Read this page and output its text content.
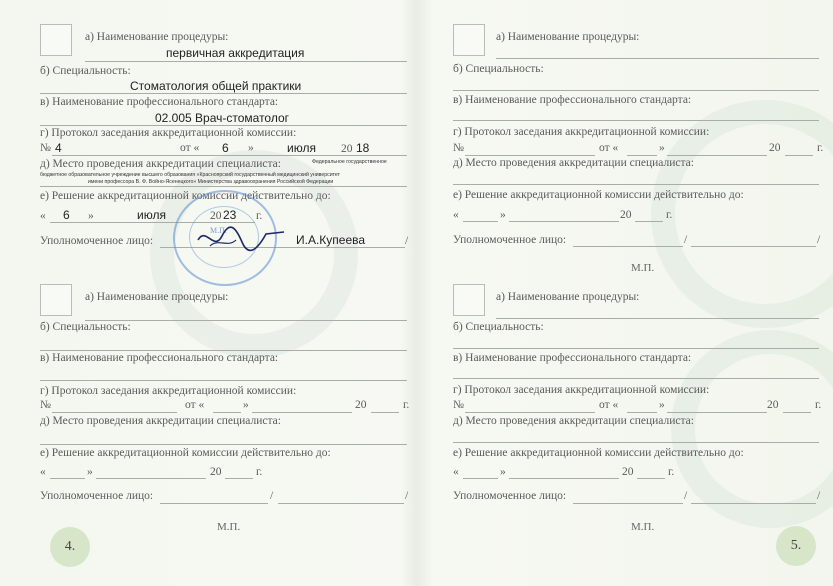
а) Наименование процедуры:
первичная аккредитация
б) Специальность:
Стоматология общей практики
в) Наименование профессионального стандарта:
02.005 Врач-стоматолог
г) Протокол заседания аккредитационной комиссии:
№ 4	от « 6 »	июля 20 18
д) Место проведения аккредитации специалиста:	Федеральное государственное
бюджетное образовательное учреждение высшего образования «Красноярский государственный медицинский университет
имени профессора В. Ф. Войно-Ясенецкого» Министерства здравоохранения Российской Федерации
е) Решение аккредитационной комиссии действительно до:
« 6 »	июля	20 23 г.
Уполномоченное лицо:	И.А.Купеева	/
М.П.
а) Наименование процедуры:
б) Специальность:
в) Наименование профессионального стандарта:
г) Протокол заседания аккредитационной комиссии:
№	от «	»	20	г.
д) Место проведения аккредитации специалиста:
е) Решение аккредитационной комиссии действительно до:
«	»	20	г.
Уполномоченное лицо:	/	/
М.П.
4.
а) Наименование процедуры:
б) Специальность:
в) Наименование профессионального стандарта:
г) Протокол заседания аккредитационной комиссии:
№	от «	»	20	г.
д) Место проведения аккредитации специалиста:
е) Решение аккредитационной комиссии действительно до:
«	»	20	г.
Уполномоченное лицо:	/	/
М.П.
а) Наименование процедуры:
б) Специальность:
в) Наименование профессионального стандарта:
г) Протокол заседания аккредитационной комиссии:
№	от «	»	20	г.
д) Место проведения аккредитации специалиста:
е) Решение аккредитационной комиссии действительно до:
«	»	20	г.
Уполномоченное лицо:	/	/
М.П.
5.
